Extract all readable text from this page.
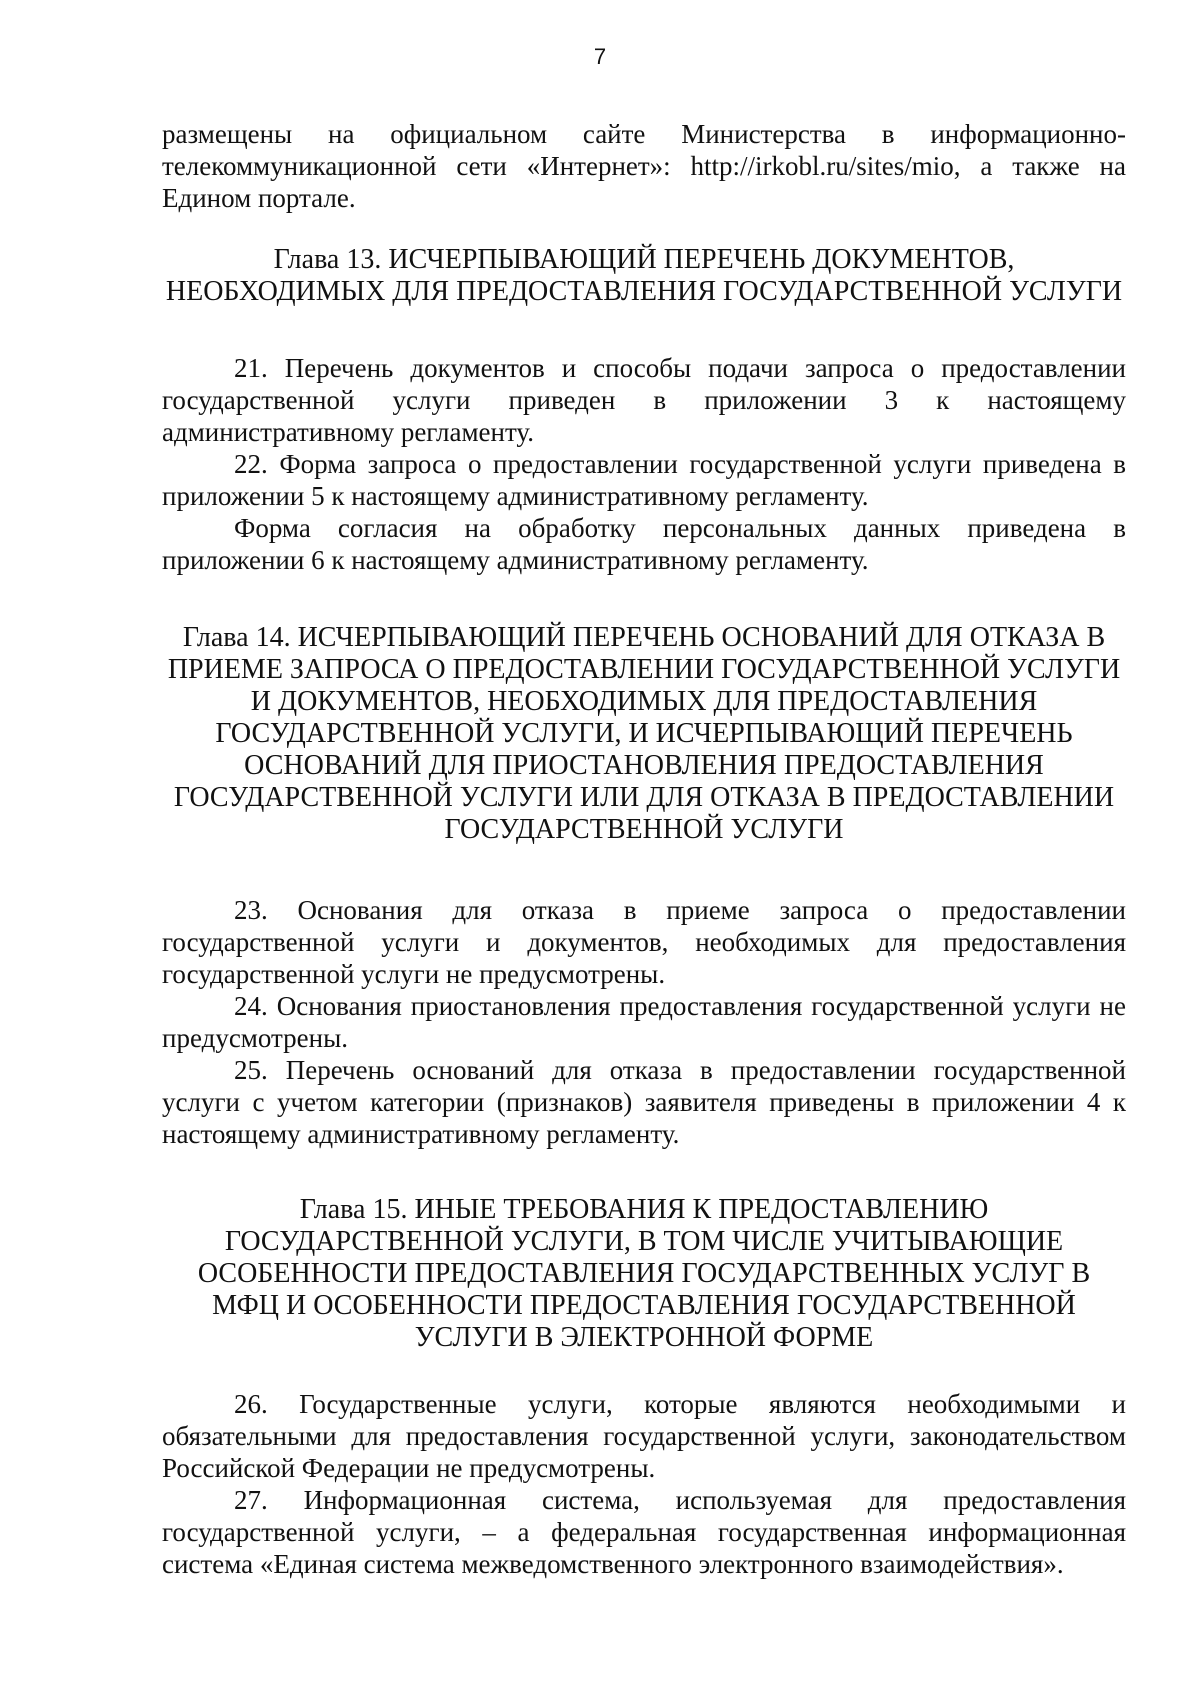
7

размещены на официальном сайте Министерства в информационно-телекоммуникационной сети «Интернет»: http://irkobl.ru/sites/mio, а также на Едином портале.

Глава 13. ИСЧЕРПЫВАЮЩИЙ ПЕРЕЧЕНЬ ДОКУМЕНТОВ, НЕОБХОДИМЫХ ДЛЯ ПРЕДОСТАВЛЕНИЯ ГОСУДАРСТВЕННОЙ УСЛУГИ

21. Перечень документов и способы подачи запроса о предоставлении государственной услуги приведен в приложении 3 к настоящему административному регламенту.

22. Форма запроса о предоставлении государственной услуги приведена в приложении 5 к настоящему административному регламенту.

Форма согласия на обработку персональных данных приведена в приложении 6 к настоящему административному регламенту.

Глава 14. ИСЧЕРПЫВАЮЩИЙ ПЕРЕЧЕНЬ ОСНОВАНИЙ ДЛЯ ОТКАЗА В ПРИЕМЕ ЗАПРОСА О ПРЕДОСТАВЛЕНИИ ГОСУДАРСТВЕННОЙ УСЛУГИ И ДОКУМЕНТОВ, НЕОБХОДИМЫХ ДЛЯ ПРЕДОСТАВЛЕНИЯ ГОСУДАРСТВЕННОЙ УСЛУГИ, И ИСЧЕРПЫВАЮЩИЙ ПЕРЕЧЕНЬ ОСНОВАНИЙ ДЛЯ ПРИОСТАНОВЛЕНИЯ ПРЕДОСТАВЛЕНИЯ ГОСУДАРСТВЕННОЙ УСЛУГИ ИЛИ ДЛЯ ОТКАЗА В ПРЕДОСТАВЛЕНИИ ГОСУДАРСТВЕННОЙ УСЛУГИ

23. Основания для отказа в приеме запроса о предоставлении государственной услуги и документов, необходимых для предоставления государственной услуги не предусмотрены.

24. Основания приостановления предоставления государственной услуги не предусмотрены.

25. Перечень оснований для отказа в предоставлении государственной услуги с учетом категории (признаков) заявителя приведены в приложении 4 к настоящему административному регламенту.

Глава 15. ИНЫЕ ТРЕБОВАНИЯ К ПРЕДОСТАВЛЕНИЮ ГОСУДАРСТВЕННОЙ УСЛУГИ, В ТОМ ЧИСЛЕ УЧИТЫВАЮЩИЕ ОСОБЕННОСТИ ПРЕДОСТАВЛЕНИЯ ГОСУДАРСТВЕННЫХ УСЛУГ В МФЦ И ОСОБЕННОСТИ ПРЕДОСТАВЛЕНИЯ ГОСУДАРСТВЕННОЙ УСЛУГИ В ЭЛЕКТРОННОЙ ФОРМЕ

26. Государственные услуги, которые являются необходимыми и обязательными для предоставления государственной услуги, законодательством Российской Федерации не предусмотрены.

27. Информационная система, используемая для предоставления государственной услуги, – а федеральная государственная информационная система «Единая система межведомственного электронного взаимодействия».
